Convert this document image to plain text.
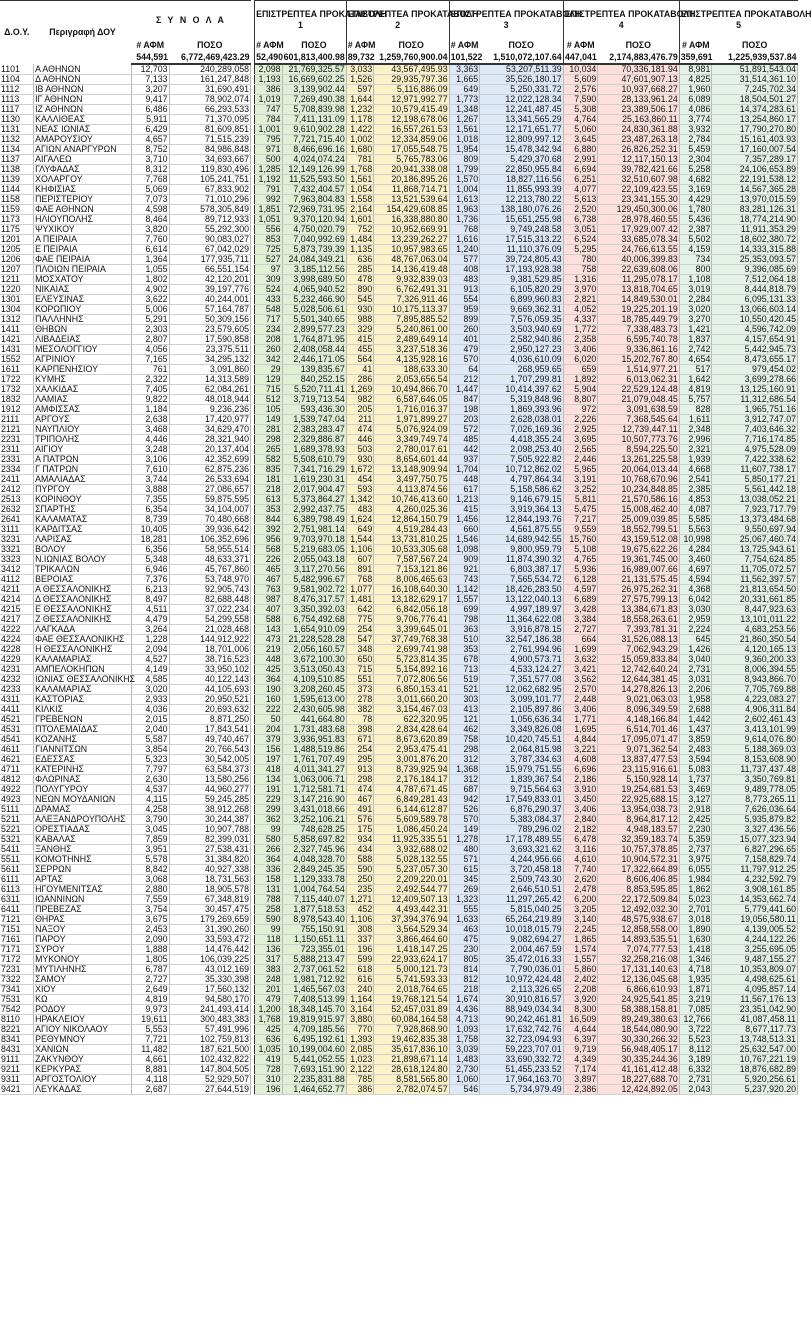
Δ.Ο.Υ.	Περιγραφή ΔΟΥ	Σ Υ Ν Ο Λ Α			ΕΠΙΣΤΡΕΠΤΕΑ ΠΡΟΚΑΤΑΒΟΛΗ
1		ΕΠΙΣΤΡΕΠΤΕΑ ΠΡΟΚΑΤΑΒΟΛΗ
2		ΕΠΙΣΤΡΕΠΤΕΑ ΠΡΟΚΑΤΑΒΟΛΗ
3		ΕΠΙΣΤΡΕΠΤΕΑ ΠΡΟΚΑΤΑΒΟΛΗ
4		ΕΠΙΣΤΡΕΠΤΕΑ ΠΡΟΚΑΤΑΒΟΛΗ
5	
		# ΑΦΜ	ΠΟΣΟ		# ΑΦΜ	ΠΟΣΟ	# ΑΦΜ	ΠΟΣΟ	# ΑΦΜ	ΠΟΣΟ	# ΑΦΜ	ΠΟΣΟ	# ΑΦΜ	ΠΟΣΟ
		544,591	6,772,469,423.29		52,490	601,813,400.98	89,732	1,259,760,900.04	101,522	1,510,072,107.64	447,041	2,174,883,476.79	359,691	1,225,939,537.84
1101	Α ΑΘΗΝΩΝ	12,703	240,289,058		2,098	21,769,325.57	3,033	43,567,495.93	3,363	53,207,511.39	10,034	70,336,181.94	8,981	51,891,543.04
1104	Δ ΑΘΗΝΩΝ	7,133	161,247,848		1,193	16,669,602.25	1,526	29,935,797.36	1,665	35,526,180.17	5,609	47,601,907.13	4,825	31,514,361.10
1112	ΙΒ ΑΘΗΝΩΝ	3,207	31,690,491		386	3,139,902.44	597	5,116,886.09	649	5,250,331.72	2,576	10,937,668.27	1,960	7,245,702.34
1113	ΙΓ ΑΘΗΝΩΝ	9,417	78,902,074		1,019	7,269,490.38	1,644	12,971,992.77	1,773	12,022,128.34	7,590	28,133,961.24	6,089	18,504,501.27
1117	ΙΖ ΑΘΗΝΩΝ	6,486	66,293,533		747	5,708,839.98	1,232	10,579,415.49	1,348	12,241,487.45	5,308	23,389,506.17	4,086	14,374,283.61
1130	ΚΑΛΛΙΘΕΑΣ	5,911	71,370,095		784	7,411,131.09	1,178	12,198,678.06	1,267	13,341,565.29	4,764	25,163,860.11	3,774	13,254,860.17
1131	ΝΕΑΣ ΙΩΝΙΑΣ	6,429	81,609,851		1,001	9,610,902.28	1,422	16,557,261.53	1,561	12,171,651.77	5,060	24,830,361.88	3,932	17,790,270.80
1132	ΑΜΑΡΟΥΣΙΟΥ	4,657	71,515,239		795	7,721,715.40	1,002	12,334,859.06	1,018	12,809,997.12	3,645	23,487,263.18	2,784	15,161,403.93
1134	ΑΓΙΩΝ ΑΝΑΡΓΥΡΩΝ	8,752	84,986,848		971	8,466,696.16	1,680	17,055,548.75	1,954	15,478,342.94	6,880	26,826,252.31	5,459	17,160,007.54
1137	ΑΙΓΑΛΕΩ	3,710	34,693,667		500	4,024,074.24	781	5,765,783.06	809	5,429,370.68	2,991	12,117,150.13	2,304	7,357,289.17
1138	ΓΛΥΦΑΔΑΣ	8,312	119,830,496		1,285	12,149,126.99	1,768	20,941,338.08	1,799	22,850,955.84	6,694	39,782,421.66	5,258	24,106,653.89
1139	ΧΟΛΑΡΓΟΥ	7,768	105,241,751		1,192	11,525,593.50	1,561	20,186,895.26	1,570	18,827,116.56	6,251	32,510,607.98	4,682	22,191,538.12
1144	ΚΗΦΙΣΙΑΣ	5,069	67,833,902		791	7,432,404.57	1,054	11,868,714.71	1,004	11,855,993.39	4,077	22,109,423.55	3,169	14,567,365.28
1158	ΠΕΡΙΣΤΕΡΙΟΥ	7,073	71,010,296		992	7,963,804.83	1,558	13,521,539.64	1,613	12,213,780.22	5,613	23,341,155.30	4,429	13,970,015.59
1159	ΦΑΕ ΑΘΗΝΩΝ	4,598	578,305,849		1,851	72,969,731.95	2,164	154,429,608.85	1,963	138,180,076.26	2,520	129,450,300.06	1,780	83,281,126.31
1173	ΗΛΙΟΥΠΟΛΗΣ	8,464	89,712,933		1,051	9,370,120.94	1,601	16,338,880.80	1,736	15,651,255.98	6,738	28,978,460.55	5,436	18,774,214.90
1175	ΨΥΧΙΚΟΥ	3,820	55,292,300		556	4,750,020.79	752	10,952,669.91	768	9,749,248.58	3,051	17,929,007.42	2,387	11,911,353.29
1201	Α ΠΕΙΡΑΙΑ	7,760	90,083,027		853	7,040,992.69	1,484	13,239,262.27	1,616	17,515,313.22	6,524	33,685,078.34	5,502	18,602,380.72
1205	Ε ΠΕΙΡΑΙΑ	6,614	67,042,029		725	5,873,739.39	1,135	10,957,983.65	1,240	11,110,376.09	5,295	24,766,613.55	4,159	14,333,315.88
1206	ΦΑΕ ΠΕΙΡΑΙΑ	1,364	177,935,711		527	24,084,349.21	636	48,767,063.04	577	39,724,805.43	780	40,006,399.83	734	25,353,093.57
1207	ΠΛΟΙΩΝ ΠΕΙΡΑΙΑ	1,055	66,551,154		97	3,185,112.56	285	14,136,419.48	408	17,193,928.38	758	22,639,608.06	800	9,396,085.69
1211	ΜΟΣΧΑΤΟΥ	1,802	42,120,201		309	3,998,689.50	478	9,932,839.03	483	9,381,529.85	1,316	11,295,078.17	1,108	7,512,064.18
1220	ΝΙΚΑΙΑΣ	4,902	39,197,776		524	4,065,940.52	890	6,762,491.31	913	6,105,820.29	3,970	13,818,704.65	3,019	8,444,818.79
1301	ΕΛΕΥΣΙΝΑΣ	3,622	40,244,001		433	5,232,466.90	545	7,326,911.46	554	6,899,960.83	2,821	14,849,530.01	2,284	6,095,131.33
1304	ΚΟΡΩΠΙΟΥ	5,006	57,164,787		548	5,028,506.61	930	10,175,113.37	959	9,669,362.31	4,052	19,225,201.19	3,020	13,066,603.14
1312	ΠΑΛΛΗΝΗΣ	5,291	50,309,156		717	5,501,340.65	988	7,895,885.52	899	7,576,059.35	4,337	18,785,449.79	3,270	10,550,420.45
1411	ΘΗΒΩΝ	2,303	23,579,605		234	2,899,577.23	329	5,240,861.00	260	3,503,940.69	1,772	7,338,483.73	1,421	4,596,742.09
1421	ΛΙΒΑΔΕΙΑΣ	2,807	17,590,858		208	1,764,871.95	415	2,489,649.14	401	2,582,940.86	2,358	6,595,740.78	1,837	4,157,654.91
1431	ΜΕΣΟΛΟΓΓΙΟΥ	4,056	23,375,511		260	2,408,058.44	455	3,237,518.36	479	2,950,127.23	3,406	9,336,861.16	2,742	5,442,945.73
1552	ΑΓΡΙΝΙΟΥ	7,165	34,295,132		342	2,446,171.05	564	4,135,928.16	570	4,036,610.09	6,020	15,202,767.80	4,654	8,473,655.17
1611	ΚΑΡΠΕΝΗΣΙΟΥ	761	3,091,860		29	139,835.67	41	188,633.30	64	268,959.65	659	1,514,977.21	517	979,454.02
1722	ΚΥΜΗΣ	2,322	14,313,589		129	840,252.15	286	2,053,656.54	212	1,707,299.81	1,892	6,013,062.31	1,642	3,699,278.66
1732	ΧΑΛΚΙΔΑΣ	7,405	62,084,261		715	5,520,711.41	1,269	10,494,866.70	1,447	10,414,397.62	5,904	22,529,124.48	4,819	13,125,160.91
1832	ΛΑΜΙΑΣ	9,822	48,018,944		512	3,719,713.54	982	6,587,646.05	847	5,319,848.96	8,807	21,079,048.45	5,757	11,312,686.54
1912	ΑΜΦΙΣΣΑΣ	1,184	9,236,236		105	593,436.30	205	1,716,016.37	198	1,869,393.96	972	3,091,638.59	828	1,965,751.16
2111	ΑΡΓΟΥΣ	2,638	17,420,977		149	1,539,747.04	211	1,971,899.27	203	2,628,038.01	2,226	7,368,545.64	1,611	3,912,747.07
2121	ΝΑΥΠΛΙΟΥ	3,468	34,629,470		281	2,383,283.47	474	5,076,924.09	572	7,026,169.36	2,925	12,739,447.11	2,348	7,403,646.32
2231	ΤΡΙΠΟΛΗΣ	4,446	28,321,940		298	2,329,886.87	446	3,349,749.74	485	4,418,355.24	3,695	10,507,773.76	2,996	7,716,174.85
2311	ΑΙΓΙΟΥ	3,248	20,137,404		265	1,689,378.93	503	2,780,017.61	442	2,098,253.40	2,565	8,594,225.50	2,321	4,975,528.09
2331	Α ΠΑΤΡΩΝ	3,106	42,352,699		582	5,508,610.79	930	8,654,601.44	937	7,505,922.82	2,446	13,261,225.58	1,939	7,422,338.62
2334	Γ ΠΑΤΡΩΝ	7,610	62,875,236		835	7,341,716.29	1,672	13,148,909.94	1,704	10,712,862.02	5,965	20,064,013.44	4,668	11,607,738.17
2411	ΑΜΑΛΙΑΔΑΣ	3,744	26,533,694		181	1,619,230.31	454	3,497,750.75	448	4,797,864.34	3,191	10,768,670.96	2,541	5,850,177.21
2412	ΠΥΡΓΟΥ	3,888	27,086,657		218	2,017,904.47	593	4,113,874.56	617	5,158,586.62	3,252	10,234,848.85	2,385	5,561,442.18
2513	ΚΟΡΙΝΘΟΥ	7,355	59,875,595		613	5,373,864.27	1,342	10,746,413.60	1,213	9,146,679.15	5,811	21,570,586.16	4,853	13,038,052.21
2632	ΣΠΑΡΤΗΣ	6,354	34,104,007		353	2,992,437.75	483	4,260,025.36	415	3,919,364.13	5,475	15,008,462.40	4,087	7,923,717.79
2641	ΚΑΛΑΜΑΤΑΣ	8,739	70,480,668		844	6,389,798.49	1,624	12,864,150.79	1,456	12,844,193.76	7,217	25,009,039.85	5,585	13,373,484.68
3111	ΚΑΡΔΙΤΣΑΣ	10,405	39,936,642		392	2,751,981.14	649	4,519,284.43	660	4,561,875.55	9,559	18,552,799.51	5,563	9,550,697.94
3231	ΛΑΡΙΣΑΣ	18,281	106,352,696		956	9,703,970.18	1,544	13,731,810.25	1,546	14,689,942.55	15,760	43,159,512.08	10,998	25,067,460.74
3321	ΒΟΛΟΥ	6,356	58,955,514		568	5,219,683.05	1,106	10,533,305.68	1,098	9,800,959.79	5,108	19,675,622.26	4,284	13,725,943.61
3323	Ν.ΙΩΝΙΑΣ ΒΟΛΟΥ	5,348	48,633,371		226	2,055,043.18	607	7,587,567.24	909	11,874,390.32	4,765	19,361,745.00	3,460	7,754,624.85
3412	ΤΡΙΚΑΛΩΝ	6,946	45,767,860		465	3,117,270.56	891	7,153,121.86	921	6,803,387.17	5,936	16,989,007.66	4,697	11,705,072.57
4112	ΒΕΡΟΙΑΣ	7,376	53,748,970		467	5,482,996.67	768	8,006,465.63	743	7,565,534.72	6,128	21,131,575.45	4,594	11,562,397.57
4211	Α ΘΕΣΣΑΛΟΝΙΚΗΣ	6,213	92,905,743		763	9,581,902.72	1,077	16,108,640.30	1,142	18,426,283.50	4,597	26,975,262.31	4,368	21,813,654.50
4214	Δ ΘΕΣΣΑΛΟΝΙΚΗΣ	8,497	82,688,448		987	8,476,317.57	1,481	13,182,629.17	1,557	13,122,040.13	6,689	27,575,799.13	6,042	20,331,661.85
4215	Ε ΘΕΣΣΑΛΟΝΙΚΗΣ	4,511	37,022,234		407	3,350,392.03	642	6,842,056.18	699	4,997,189.97	3,428	13,384,671.83	3,030	8,447,923.63
4217	Ζ ΘΕΣΣΑΛΟΝΙΚΗΣ	4,479	54,299,558		588	6,754,492.68	775	9,706,776.41	798	11,364,622.08	3,384	18,558,263.61	2,959	13,101,011.22
4222	ΛΑΓΚΑΔΑ	3,264	21,028,468		143	1,654,910.09	254	3,399,645.01	363	3,916,878.15	2,727	7,393,781.31	2,224	4,683,253.56
4224	ΦΑΕ ΘΕΣΣΑΛΟΝΙΚΗΣ	1,228	144,912,922		473	21,228,528.28	547	37,749,768.38	510	32,547,186.38	664	31,526,088.13	645	21,860,350.54
4228	Η ΘΕΣΣΑΛΟΝΙΚΗΣ	2,094	18,701,006		219	2,056,160.57	348	2,699,741.98	353	2,761,994.96	1,699	7,062,943.29	1,426	4,120,165.13
4229	ΚΑΛΑΜΑΡΙΑΣ	4,527	38,716,523		448	3,672,100.30	650	5,723,814.35	678	4,900,573.71	3,632	15,059,833.84	3,040	9,360,200.33
4231	ΑΜΠΕΛΟΚΗΠΩΝ	4,149	33,950,102		425	3,513,050.43	715	5,154,892.16	713	4,533,124.27	3,421	12,742,640.24	2,731	8,006,394.55
4232	ΙΩΝΙΑΣ ΘΕΣΣΑΛΟΝΙΚΗΣ	4,585	40,122,143		364	4,109,510.85	551	7,072,806.56	519	7,351,577.08	3,562	12,644,381.45	3,031	8,943,866.70
4233	ΚΑΛΑΜΑΡΙΑΣ	3,020	44,105,693		190	3,208,260.45	373	6,850,153.41	521	12,062,682.95	2,570	14,278,826.13	2,206	7,705,769.88
4311	ΚΑΣΤΟΡΙΑΣ	2,933	20,950,521		160	1,595,613.00	278	3,011,660.20	303	3,099,101.77	2,448	9,021,063.03	1,958	4,223,083.27
4411	ΚΙΛΚΙΣ	4,036	20,693,632		222	2,430,605.98	382	3,154,467.03	413	2,105,897.86	3,406	8,096,349.59	2,688	4,906,311.84
4521	ΓΡΕΒΕΝΩΝ	2,015	8,871,250		50	441,664.80	78	622,320.95	121	1,056,636.34	1,771	4,148,166.84	1,442	2,602,461.43
4531	ΠΤΟΛΕΜΑΪΔΑΣ	2,040	17,843,541		204	1,731,483.68	398	2,834,428.64	462	3,349,826.08	1,695	6,514,701.46	1,437	3,413,101.99
4541	ΚΟΖΑΝΗΣ	5,587	49,740,467		379	3,936,951.83	671	8,673,620.89	758	10,420,745.51	4,844	17,095,071.47	3,859	9,614,076.80
4611	ΓΙΑΝΝΙΤΣΩΝ	3,854	20,766,543		156	1,488,519.86	254	2,953,475.41	298	2,064,815.98	3,221	9,071,362.54	2,483	5,188,369.03
4621	ΕΔΕΣΣΑΣ	5,323	30,542,005		197	1,761,707.49	295	3,001,876.20	312	3,787,334.63	4,608	13,837,477.53	3,594	8,153,608.90
4711	ΚΑΤΕΡΙΝΗΣ	7,797	63,584,373		418	4,011,341.27	913	8,739,925.94	1,368	15,979,751.55	6,696	23,115,916.61	5,083	11,737,437.48
4812	ΦΛΩΡΙΝΑΣ	2,630	13,580,256		134	1,063,006.71	298	2,176,184.17	312	1,839,367.54	2,186	5,150,928.14	1,737	3,350,769.81
4922	ΠΟΛΥΓΥΡΟΥ	4,537	44,960,277		191	1,712,581.71	474	4,787,671.45	687	9,715,564.63	3,910	19,254,681.53	3,469	9,489,778.05
4923	ΝΕΩΝ ΜΟΥΔΑΝΙΩΝ	4,115	59,245,285		229	3,147,216.90	467	6,849,281.43	942	17,549,833.01	3,450	22,925,688.15	3,127	8,773,265.11
5111	ΔΡΑΜΑΣ	4,258	38,912,268		299	3,431,018.66	491	6,144,612.87	526	6,876,290.37	3,406	13,954,038.73	2,918	7,626,036.64
5211	ΑΛΕΞΑΝΔΡΟΥΠΟΛΗΣ	3,790	30,244,387		362	3,252,106.21	576	5,609,589.78	570	5,383,084.37	2,840	8,964,817.12	2,425	5,935,879.82
5221	ΟΡΕΣΤΙΑΔΑΣ	3,045	10,907,788		99	748,628.25	175	1,086,450.24	149	789,296.02	2,182	4,948,183.57	2,230	3,327,436.56
5321	ΚΑΒΑΛΑΣ	7,859	82,399,031		580	5,858,697.82	934	11,925,335.51	1,278	17,178,489.55	6,478	32,359,183.74	5,359	15,077,323.94
5411	ΞΑΝΘΗΣ	3,951	27,538,431		266	2,327,745.96	434	3,932,688.02	480	3,693,321.62	3,116	10,757,378.85	2,737	6,827,296.65
5511	ΚΟΜΟΤΗΝΗΣ	5,578	31,384,820		364	4,048,328.70	588	5,028,132.55	571	4,244,956.66	4,610	10,904,572.31	3,975	7,158,829.74
5611	ΣΕΡΡΩΝ	8,842	40,927,338		336	2,849,245.35	590	5,237,057.30	615	3,720,458.18	7,740	17,322,664.89	6,055	11,797,912.25
6111	ΑΡΤΑΣ	3,068	18,731,563		158	1,129,333.78	250	2,209,220.01	345	2,509,743.30	2,620	8,606,406.85	1,984	4,232,592.79
6113	ΗΓΟΥΜΕΝΙΤΣΑΣ	2,880	18,905,578		131	1,004,764.54	235	2,492,544.77	269	2,646,510.51	2,478	8,853,595.85	1,862	3,908,161.85
6311	ΙΩΑΝΝΙΝΩΝ	7,559	67,348,819		788	7,115,440.07	1,271	12,409,507.13	1,323	11,297,265.42	6,200	22,172,509.84	5,023	14,353,662.74
6411	ΠΡΕΒΕΖΑΣ	3,754	30,457,475		258	1,877,518.53	452	4,493,442.31	555	5,815,040.25	3,205	12,492,032.30	2,701	5,779,441.60
7121	ΘΗΡΑΣ	3,675	179,269,659		590	8,978,543.40	1,106	37,394,376.94	1,633	65,264,219.89	3,140	48,575,938.67	3,018	19,056,580.11
7151	ΝΑΞΟΥ	2,453	31,390,260		99	755,150.91	308	3,564,529.34	463	10,018,015.79	2,245	12,858,558.00	1,890	4,139,005.52
7161	ΠΑΡΟΥ	2,090	33,593,472		118	1,150,651.11	337	3,866,464.60	475	9,082,694.27	1,865	14,893,535.51	1,630	4,244,122.26
7171	ΣΥΡΟΥ	1,888	14,476,442		136	723,355.01	196	1,418,147.25	230	2,004,467.59	1,574	7,074,777.53	1,418	3,255,695.05
7172	ΜΥΚΟΝΟΥ	1,805	106,039,225		317	5,888,213.47	599	22,933,624.17	805	35,472,016.33	1,557	32,258,216.08	1,346	9,487,155.27
7231	ΜΥΤΙΛΗΝΗΣ	6,787	43,012,169		383	2,737,061.52	618	5,000,121.73	814	7,790,036.01	5,860	17,131,140.63	4,718	10,353,809.07
7322	ΣΑΜΟΥ	2,727	35,330,398		248	1,981,712.92	616	5,741,593.33	812	10,972,424.48	2,402	12,136,045.68	1,935	4,498,625.61
7341	ΧΙΟΥ	2,649	17,560,132		201	1,465,567.03	240	2,018,764.65	218	2,113,326.65	2,208	6,866,610.93	1,871	4,095,857.14
7531	ΚΩ	4,819	94,580,170		479	7,408,513.99	1,164	19,768,121.54	1,674	30,910,816.57	3,920	24,925,541.85	3,219	11,567,176.13
7542	ΡΟΔΟΥ	9,973	241,493,414		1,200	18,348,145.70	3,164	52,457,031.89	4,436	88,949,034.34	8,300	58,388,158.81	7,085	23,351,042.90
8110	ΗΡΑΚΛΕΙΟΥ	19,611	300,483,383		1,768	19,819,915.97	3,880	60,084,164.58	4,713	90,242,461.81	16,509	89,249,380.63	12,766	41,087,458.11
8221	ΑΓΙΟΥ ΝΙΚΟΛΑΟΥ	5,553	57,491,996		425	4,709,185.56	770	7,928,868.90	1,093	17,632,742.76	4,644	18,544,080.90	3,722	8,677,117.73
8341	ΡΕΘΥΜΝΟΥ	7,721	102,759,813		636	6,495,192.61	1,393	19,462,835.38	1,758	32,723,094.93	6,397	30,330,266.32	5,523	13,748,513.31
8431	ΧΑΝΙΩΝ	11,482	187,621,500		1,035	10,199,004.60	2,085	35,617,836.10	3,039	59,223,707.01	9,719	56,948,405.17	8,112	25,632,547.00
9111	ΖΑΚΥΝΘΟΥ	4,661	102,432,822		419	5,441,052.55	1,023	21,898,671.14	1,483	33,690,332.72	4,349	30,335,244.36	3,189	10,767,221.19
9211	ΚΕΡΚΥΡΑΣ	8,881	147,804,505		728	7,693,151.90	2,122	28,618,124.80	2,730	51,455,233.52	7,174	41,161,412.48	6,332	18,876,682.89
9311	ΑΡΓΟΣΤΟΛΙΟΥ	4,118	52,929,507		310	2,235,831.88	785	8,581,565.80	1,060	17,964,163.70	3,897	18,227,688.70	2,731	5,920,256.61
9421	ΛΕΥΚΑΔΑΣ	2,687	27,644,519		196	1,464,652.77	386	2,782,074.57	546	5,734,979.49	2,386	12,424,892.05	2,043	5,237,920.20
